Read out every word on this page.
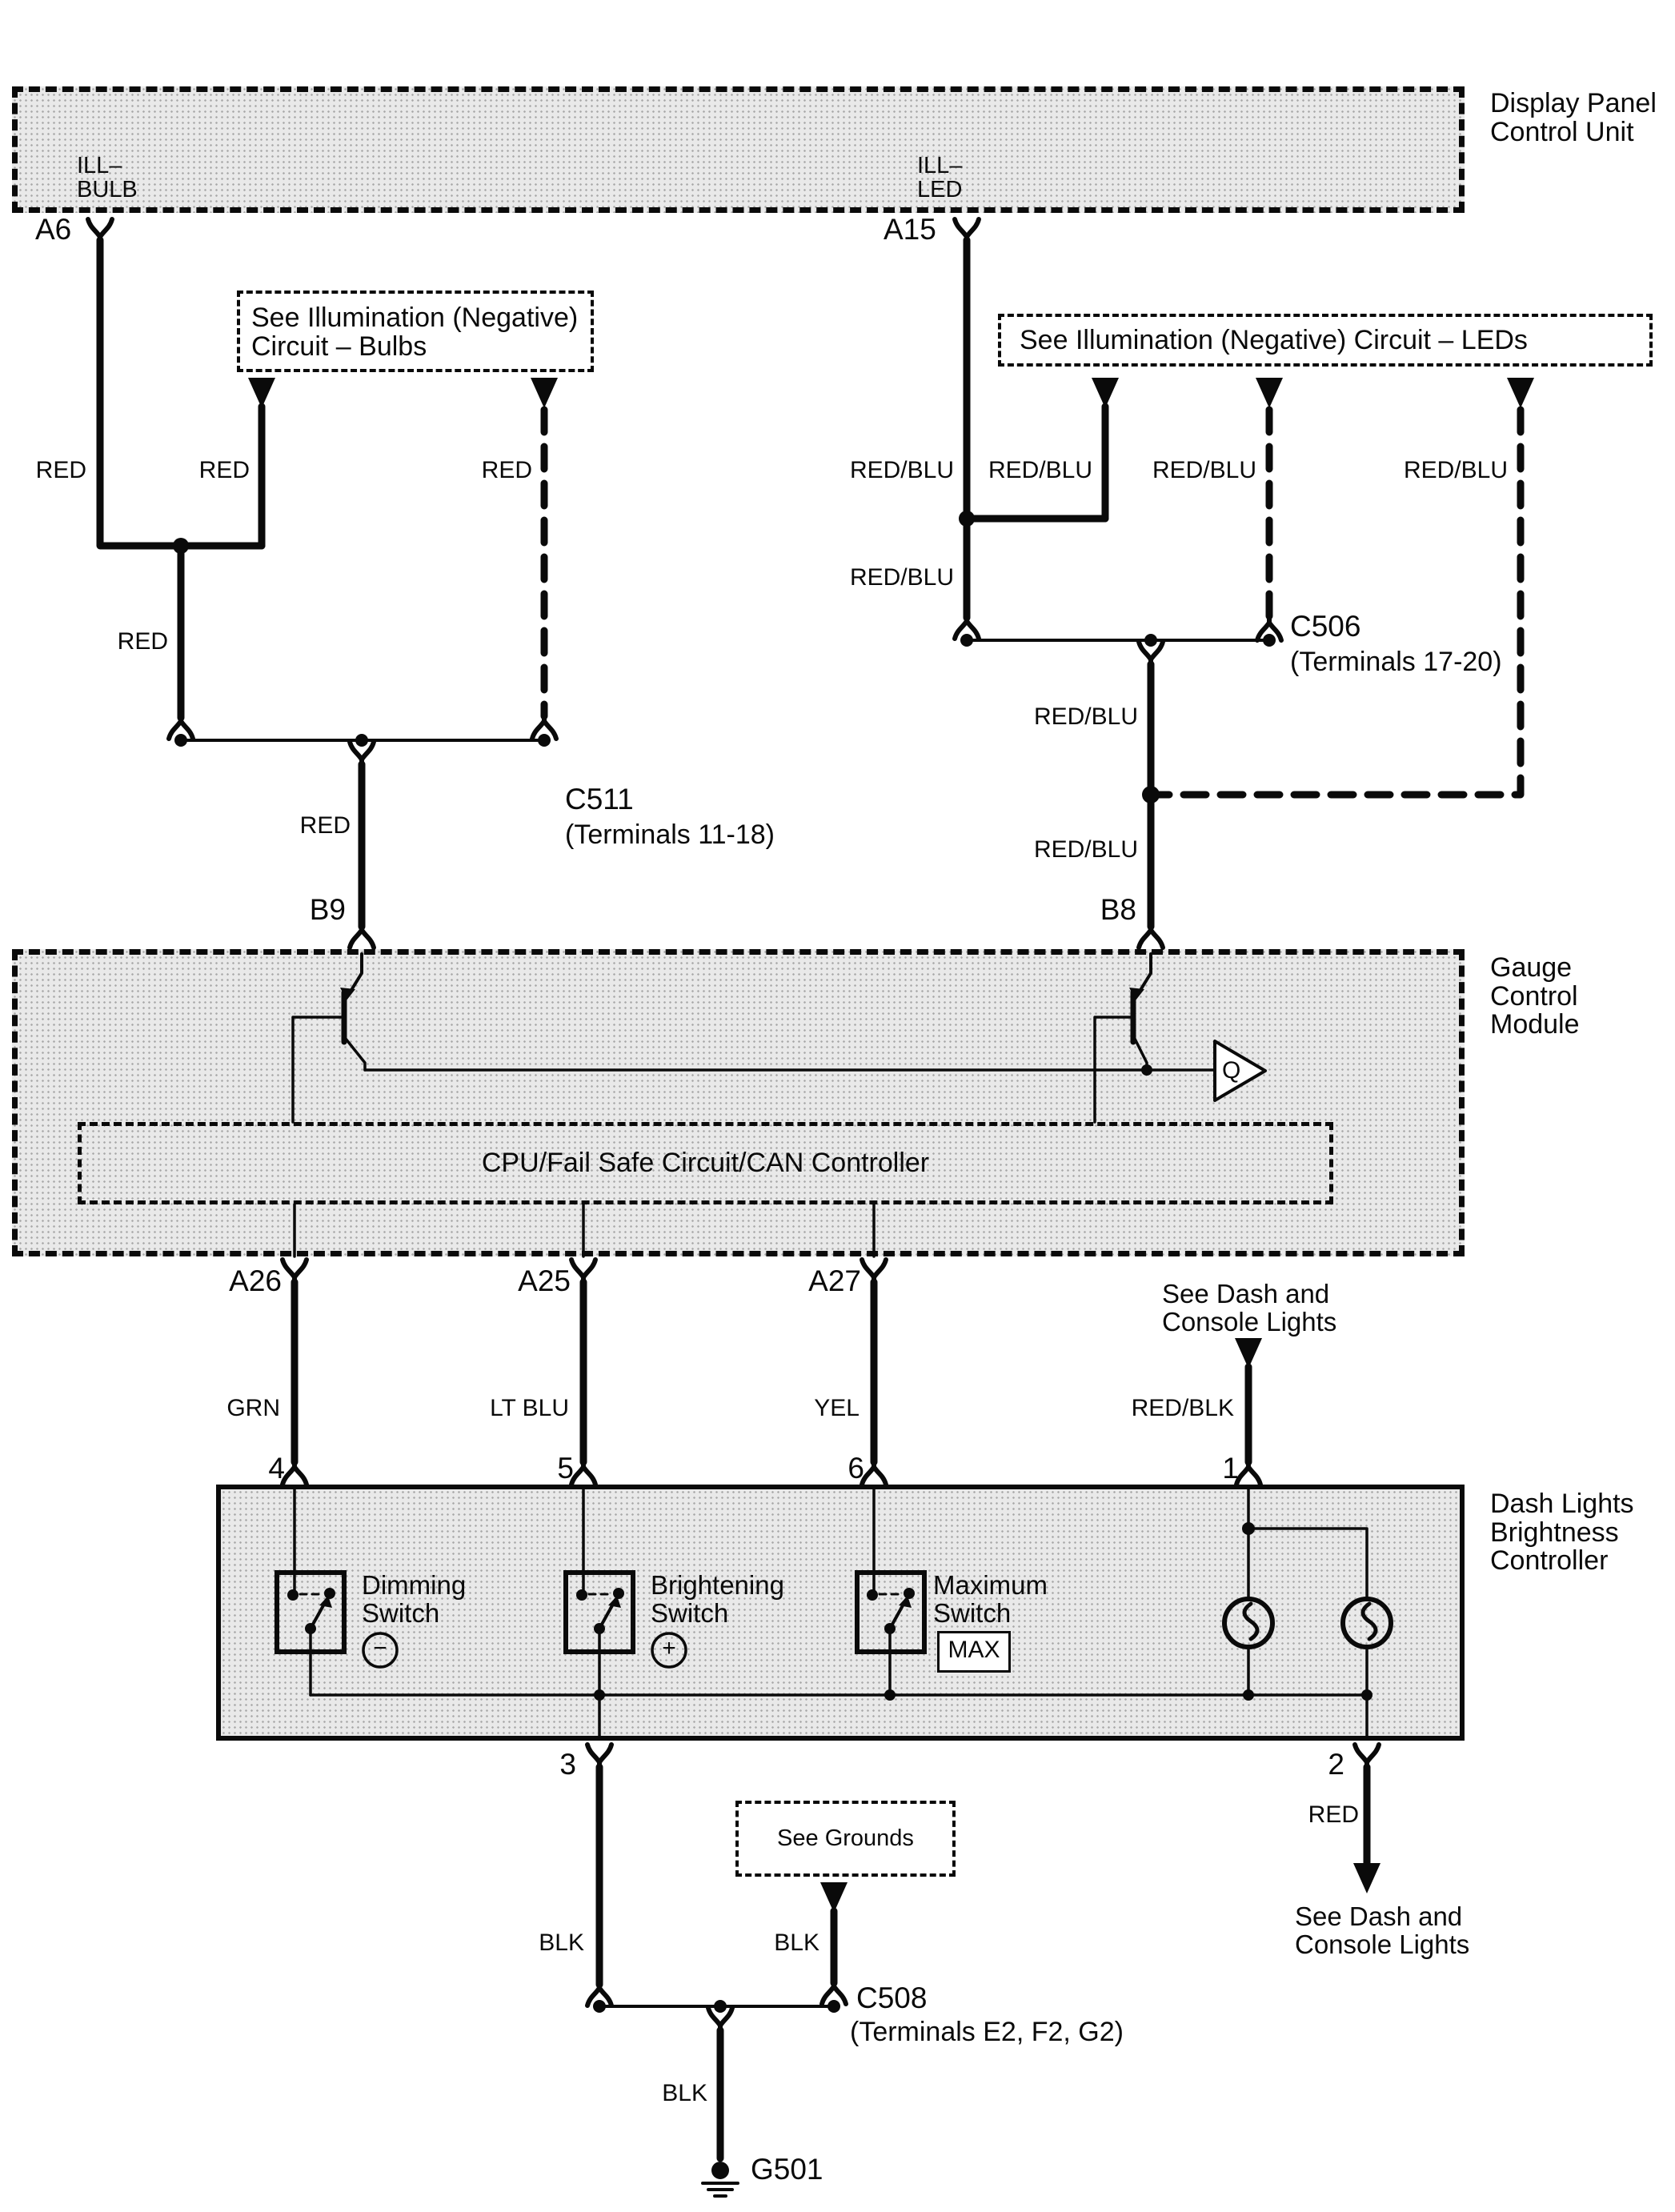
Display Panel
Control Unit
ILL–
BULB
ILL–
LED
A6	A15
See Illumination (Negative)
Circuit – Bulbs	See Illumination (Negative) Circuit – LEDs
RED	RED	RED
RED
RED
RED/BLU	RED/BLU	RED/BLU	RED/BLU
RED/BLU
RED/BLU
RED/BLU
C511
(Terminals 11-18)
C506
(Terminals 17-20)
B9	B8
Gauge
Control
Module
CPU/Fail Safe Circuit/CAN Controller
Q
A26	A25	A27	See Dash and
Console Lights
GRN	LT BLU	YEL	RED/BLK
4	5	6	1
Dash Lights
Brightness
Controller
Dimming
Switch
Brightening
Switch
Maximum
Switch
−	+	MAX
3	2
RED
BLK	BLK
BLK
See Grounds
C508
(Terminals E2, F2, G2)
G501
See Dash and
Console Lights
